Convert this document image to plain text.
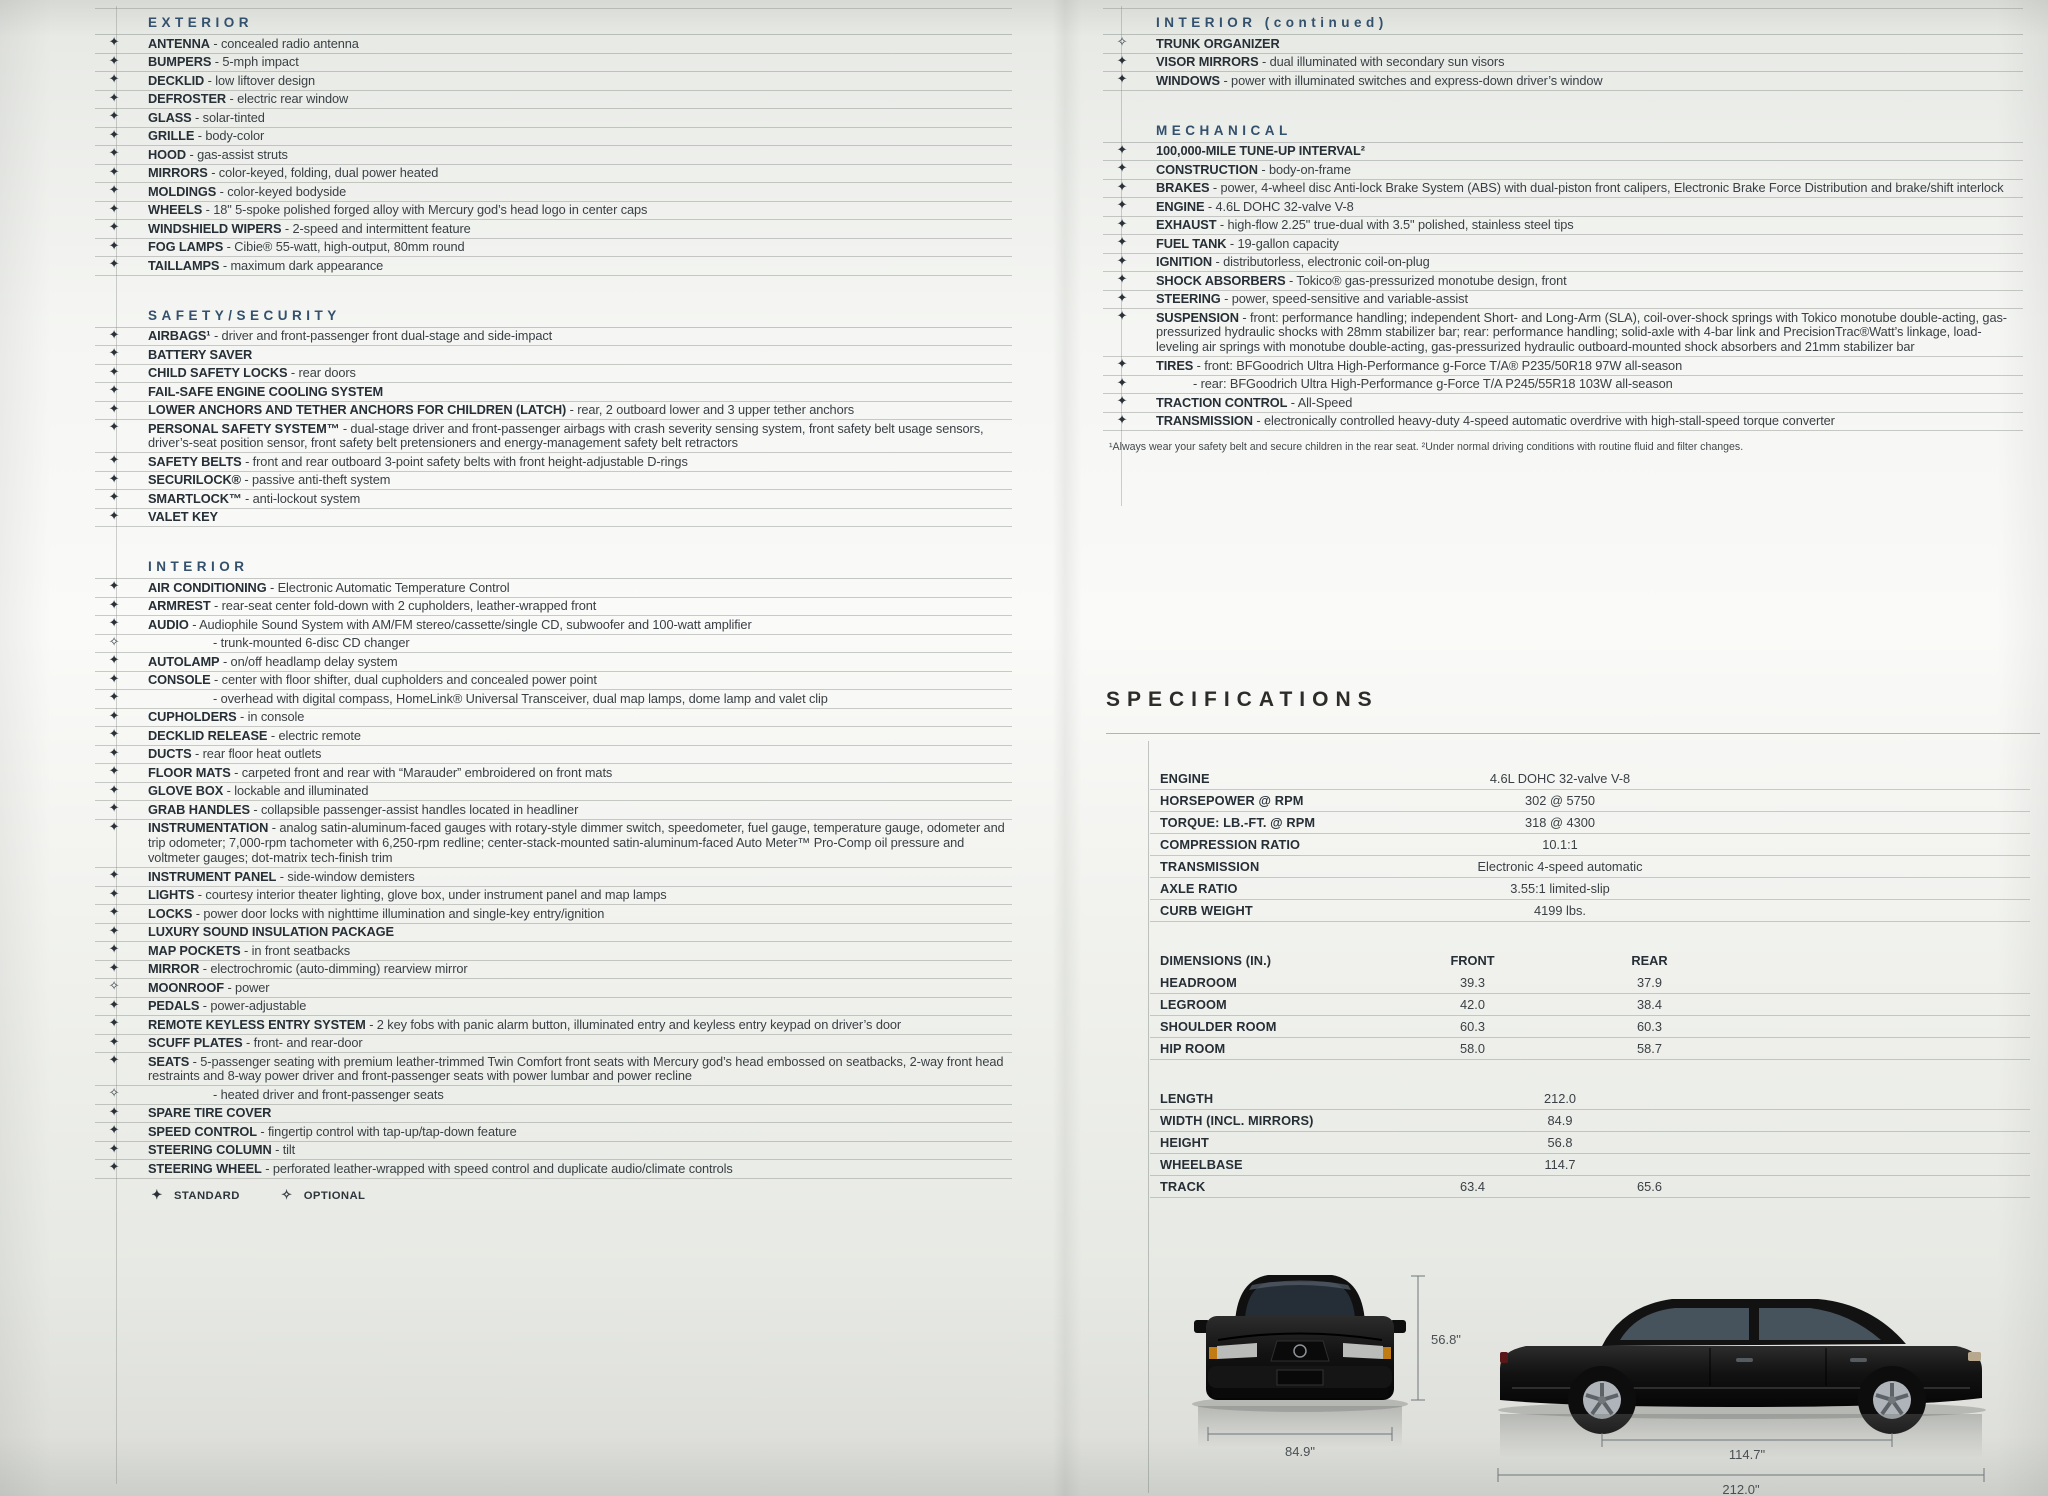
EXTERIOR
✦ ANTENNA - concealed radio antenna
✦ BUMPERS - 5-mph impact
✦ DECKLID - low liftover design
✦ DEFROSTER - electric rear window
✦ GLASS - solar-tinted
✦ GRILLE - body-color
✦ HOOD - gas-assist struts
✦ MIRRORS - color-keyed, folding, dual power heated
✦ MOLDINGS - color-keyed bodyside
✦ WHEELS - 18" 5-spoke polished forged alloy with Mercury god’s head logo in center caps
✦ WINDSHIELD WIPERS - 2-speed and intermittent feature
✦ FOG LAMPS - Cibie® 55-watt, high-output, 80mm round
✦ TAILLAMPS - maximum dark appearance
SAFETY/SECURITY
✦ AIRBAGS¹ - driver and front-passenger front dual-stage and side-impact
✦ BATTERY SAVER
✦ CHILD SAFETY LOCKS - rear doors
✦ FAIL-SAFE ENGINE COOLING SYSTEM
✦ LOWER ANCHORS AND TETHER ANCHORS FOR CHILDREN (LATCH) - rear, 2 outboard lower and 3 upper tether anchors
✦ PERSONAL SAFETY SYSTEM™ - dual-stage driver and front-passenger airbags with crash severity sensing system, front safety belt usage sensors, driver’s-seat position sensor, front safety belt pretensioners and energy-management safety belt retractors
✦ SAFETY BELTS - front and rear outboard 3-point safety belts with front height-adjustable D-rings
✦ SECURILOCK® - passive anti-theft system
✦ SMARTLOCK™ - anti-lockout system
✦ VALET KEY
INTERIOR
✦ AIR CONDITIONING - Electronic Automatic Temperature Control
✦ ARMREST - rear-seat center fold-down with 2 cupholders, leather-wrapped front
✦ AUDIO - Audiophile Sound System with AM/FM stereo/cassette/single CD, subwoofer and 100-watt amplifier
✧	- trunk-mounted 6-disc CD changer
✦ AUTOLAMP - on/off headlamp delay system
✦ CONSOLE - center with floor shifter, dual cupholders and concealed power point
✦	- overhead with digital compass, HomeLink® Universal Transceiver, dual map lamps, dome lamp and valet clip
✦ CUPHOLDERS - in console
✦ DECKLID RELEASE - electric remote
✦ DUCTS - rear floor heat outlets
✦ FLOOR MATS - carpeted front and rear with “Marauder” embroidered on front mats
✦ GLOVE BOX - lockable and illuminated
✦ GRAB HANDLES - collapsible passenger-assist handles located in headliner
✦ INSTRUMENTATION - analog satin-aluminum-faced gauges with rotary-style dimmer switch, speedometer, fuel gauge, temperature gauge, odometer and trip odometer; 7,000-rpm tachometer with 6,250-rpm redline; center-stack-mounted satin-aluminum-faced Auto Meter™ Pro-Comp oil pressure and voltmeter gauges; dot-matrix tech-finish trim
✦ INSTRUMENT PANEL - side-window demisters
✦ LIGHTS - courtesy interior theater lighting, glove box, under instrument panel and map lamps
✦ LOCKS - power door locks with nighttime illumination and single-key entry/ignition
✦ LUXURY SOUND INSULATION PACKAGE
✦ MAP POCKETS - in front seatbacks
✦ MIRROR - electrochromic (auto-dimming) rearview mirror
✧ MOONROOF - power
✦ PEDALS - power-adjustable
✦ REMOTE KEYLESS ENTRY SYSTEM - 2 key fobs with panic alarm button, illuminated entry and keyless entry keypad on driver’s door
✦ SCUFF PLATES - front- and rear-door
✦ SEATS - 5-passenger seating with premium leather-trimmed Twin Comfort front seats with Mercury god’s head embossed on seatbacks, 2-way front head restraints and 8-way power driver and front-passenger seats with power lumbar and power recline
✧	- heated driver and front-passenger seats
✦ SPARE TIRE COVER
✦ SPEED CONTROL - fingertip control with tap-up/tap-down feature
✦ STEERING COLUMN - tilt
✦ STEERING WHEEL - perforated leather-wrapped with speed control and duplicate audio/climate controls
✦ STANDARD	✧ OPTIONAL
INTERIOR (continued)
✧ TRUNK ORGANIZER
✦ VISOR MIRRORS - dual illuminated with secondary sun visors
✦ WINDOWS - power with illuminated switches and express-down driver’s window
MECHANICAL
✦ 100,000-MILE TUNE-UP INTERVAL²
✦ CONSTRUCTION - body-on-frame
✦ BRAKES - power, 4-wheel disc Anti-lock Brake System (ABS) with dual-piston front calipers, Electronic Brake Force Distribution and brake/shift interlock
✦ ENGINE - 4.6L DOHC 32-valve V-8
✦ EXHAUST - high-flow 2.25" true-dual with 3.5" polished, stainless steel tips
✦ FUEL TANK - 19-gallon capacity
✦ IGNITION - distributorless, electronic coil-on-plug
✦ SHOCK ABSORBERS - Tokico® gas-pressurized monotube design, front
✦ STEERING - power, speed-sensitive and variable-assist
✦ SUSPENSION - front: performance handling; independent Short- and Long-Arm (SLA), coil-over-shock springs with Tokico monotube double-acting, gas-pressurized hydraulic shocks with 28mm stabilizer bar; rear: performance handling; solid-axle with 4-bar link and PrecisionTrac®Watt’s linkage, load-leveling air springs with monotube double-acting, gas-pressurized hydraulic outboard-mounted shock absorbers and 21mm stabilizer bar
✦ TIRES - front: BFGoodrich Ultra High-Performance g-Force T/A® P235/50R18 97W all-season
✦	- rear: BFGoodrich Ultra High-Performance g-Force T/A P245/55R18 103W all-season
✦ TRACTION CONTROL - All-Speed
✦ TRANSMISSION - electronically controlled heavy-duty 4-speed automatic overdrive with high-stall-speed torque converter
¹Always wear your safety belt and secure children in the rear seat. ²Under normal driving conditions with routine fluid and filter changes.
SPECIFICATIONS
ENGINE	4.6L DOHC 32-valve V-8
HORSEPOWER @ RPM	302 @ 5750
TORQUE: LB.-FT. @ RPM	318 @ 4300
COMPRESSION RATIO	10.1:1
TRANSMISSION	Electronic 4-speed automatic
AXLE RATIO	3.55:1 limited-slip
CURB WEIGHT	4199 lbs.
DIMENSIONS (IN.)	FRONT	REAR
HEADROOM	39.3	37.9
LEGROOM	42.0	38.4
SHOULDER ROOM	60.3	60.3
HIP ROOM	58.0	58.7
LENGTH	212.0
WIDTH (INCL. MIRRORS)	84.9
HEIGHT	56.8
WHEELBASE	114.7
TRACK	63.4	65.6
84.9"
56.8"
114.7"
212.0"
